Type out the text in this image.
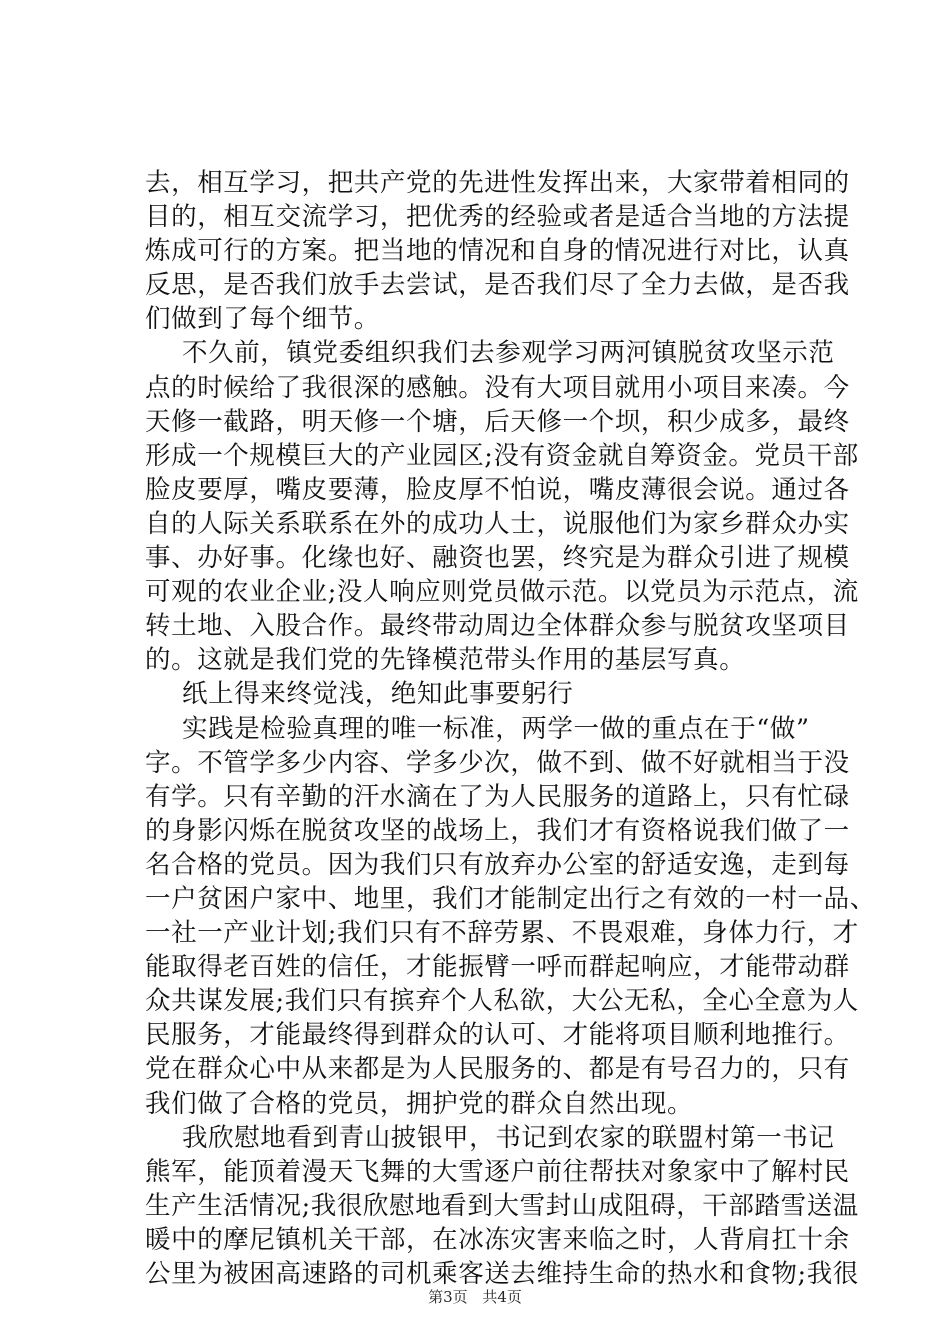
去，相互学习，把共产党的先进性发挥出来，大家带着相同的
目的，相互交流学习，把优秀的经验或者是适合当地的方法提
炼成可行的方案。把当地的情况和自身的情况进行对比，认真
反思，是否我们放手去尝试，是否我们尽了全力去做，是否我
们做到了每个细节。
不久前，镇党委组织我们去参观学习两河镇脱贫攻坚示范
点的时候给了我很深的感触。没有大项目就用小项目来凑。今
天修一截路，明天修一个塘，后天修一个坝，积少成多，最终
形成一个规模巨大的产业园区;没有资金就自筹资金。党员干部
脸皮要厚，嘴皮要薄，脸皮厚不怕说，嘴皮薄很会说。通过各
自的人际关系联系在外的成功人士，说服他们为家乡群众办实
事、办好事。化缘也好、融资也罢，终究是为群众引进了规模
可观的农业企业;没人响应则党员做示范。以党员为示范点，流
转土地、入股合作。最终带动周边全体群众参与脱贫攻坚项目
的。这就是我们党的先锋模范带头作用的基层写真。
纸上得来终觉浅，绝知此事要躬行
实践是检验真理的唯一标准，两学一做的重点在于“做”
字。不管学多少内容、学多少次，做不到、做不好就相当于没
有学。只有辛勤的汗水滴在了为人民服务的道路上，只有忙碌
的身影闪烁在脱贫攻坚的战场上，我们才有资格说我们做了一
名合格的党员。因为我们只有放弃办公室的舒适安逸，走到每
一户贫困户家中、地里，我们才能制定出行之有效的一村一品、
一社一产业计划;我们只有不辞劳累、不畏艰难，身体力行，才
能取得老百姓的信任，才能振臂一呼而群起响应，才能带动群
众共谋发展;我们只有摈弃个人私欲，大公无私，全心全意为人
民服务，才能最终得到群众的认可、才能将项目顺利地推行。
党在群众心中从来都是为人民服务的、都是有号召力的，只有
我们做了合格的党员，拥护党的群众自然出现。
我欣慰地看到青山披银甲，书记到农家的联盟村第一书记
熊军，能顶着漫天飞舞的大雪逐户前往帮扶对象家中了解村民
生产生活情况;我很欣慰地看到大雪封山成阻碍，干部踏雪送温
暖中的摩尼镇机关干部，在冰冻灾害来临之时，人背肩扛十余
公里为被困高速路的司机乘客送去维持生命的热水和食物;我很
第3页 共4页
